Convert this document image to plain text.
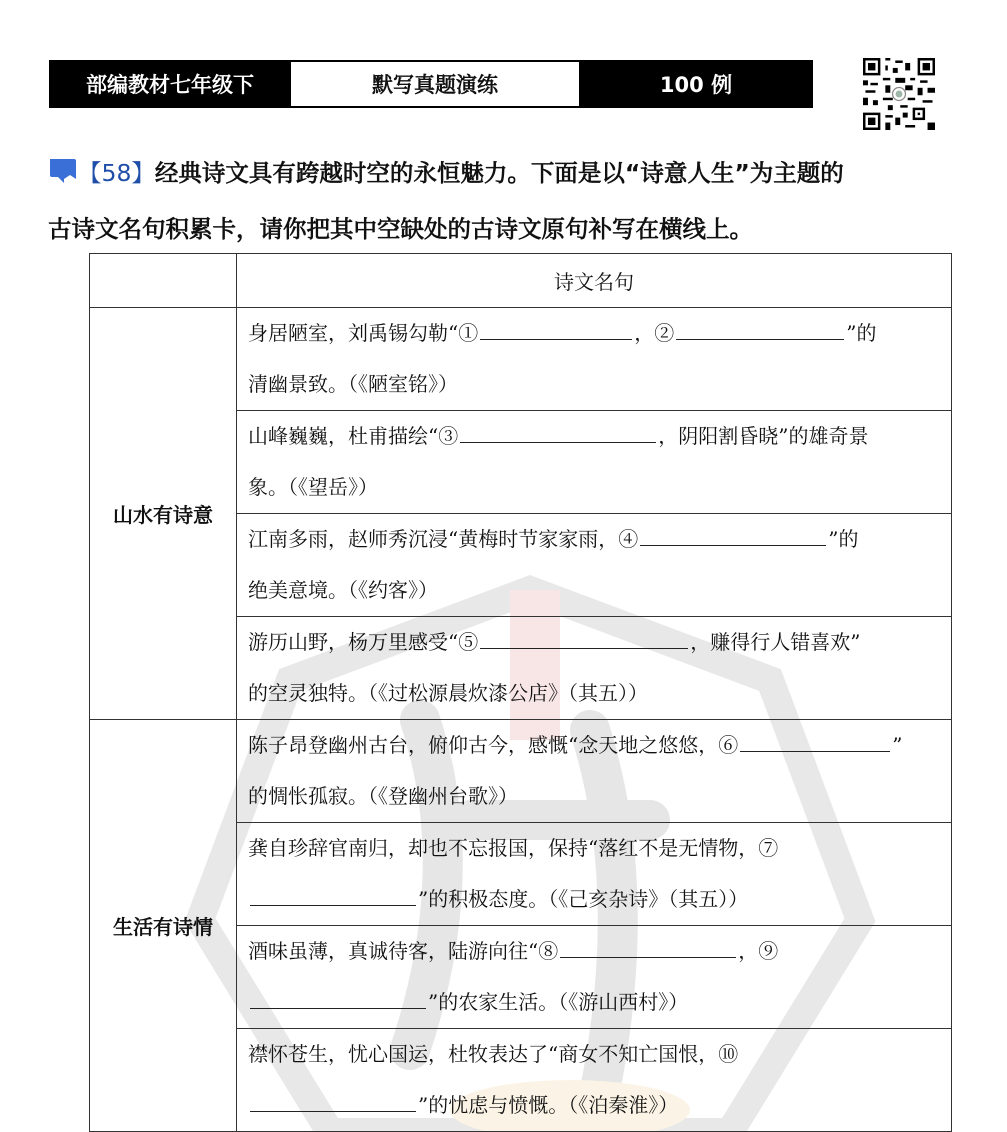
部编教材七年级下	默写真题演练	100 例
【58】经典诗文具有跨越时空的永恒魅力。下面是以“诗意人生”为主题的
古诗文名句积累卡，请你把其中空缺处的古诗文原句补写在横线上。
	诗文名句
山水有诗意	身居陋室，刘禹锡勾勒“① ，② ”的
清幽景致。（《陋室铭》）
	山峰巍巍，杜甫描绘“③ ，阴阳割昏晓”的雄奇景
象。（《望岳》）
	江南多雨，赵师秀沉浸“黄梅时节家家雨，④ ”的
绝美意境。（《约客》）
	游历山野，杨万里感受“⑤ ，赚得行人错喜欢”
的空灵独特。（《过松源晨炊漆公店》（其五））
生活有诗情	陈子昂登幽州古台，俯仰古今，感慨“念天地之悠悠，⑥ ”
的惆怅孤寂。（《登幽州台歌》）
	龚自珍辞官南归，却也不忘报国，保持“落红不是无情物，⑦
”的积极态度。（《己亥杂诗》（其五））
	酒味虽薄，真诚待客，陆游向往“⑧ ，⑨
”的农家生活。（《游山西村》）
	襟怀苍生，忧心国运，杜牧表达了“商女不知亡国恨，⑩
”的忧虑与愤慨。（《泊秦淮》）
